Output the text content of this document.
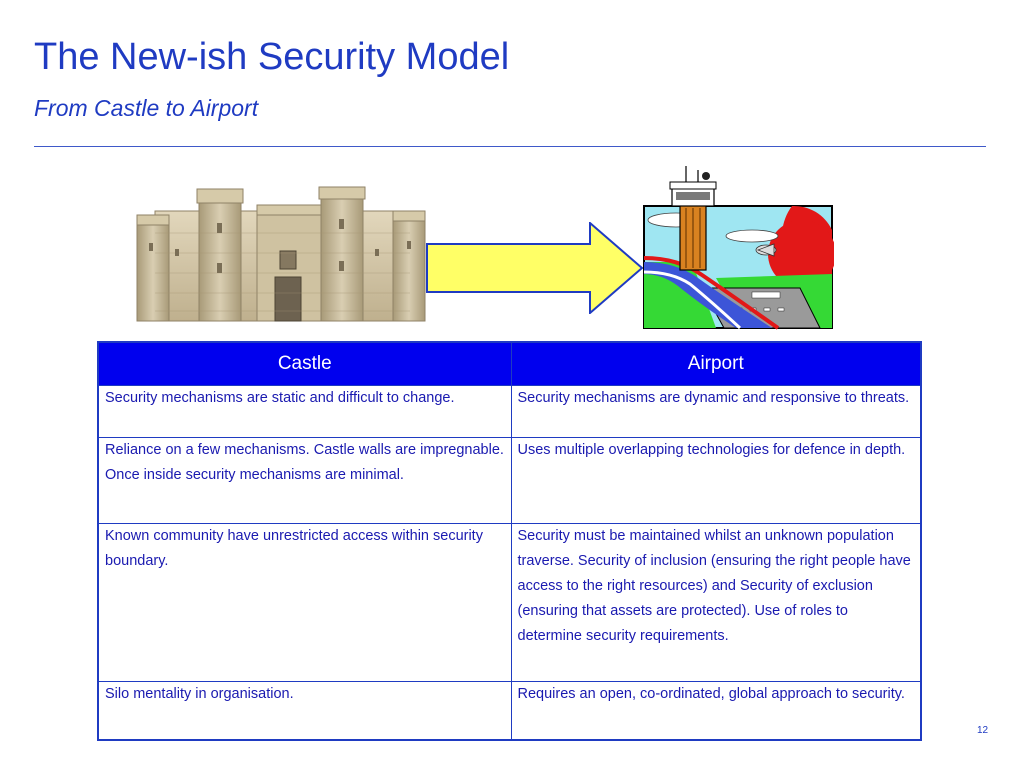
The New-ish Security Model
From Castle to Airport
Castle	Airport
Security mechanisms are static and difficult to change.	Security mechanisms are dynamic and responsive to threats.
Reliance on a few mechanisms. Castle walls are impregnable. Once inside security mechanisms are minimal.	Uses multiple overlapping technologies for defence in depth.
Known community have unrestricted access within security boundary.	Security must be maintained whilst an unknown population traverse. Security of inclusion (ensuring the right people have access to the right resources) and Security of exclusion (ensuring that assets are protected). Use of roles to determine security requirements.
Silo mentality in organisation.	Requires an open, co-ordinated, global approach to security.
12
